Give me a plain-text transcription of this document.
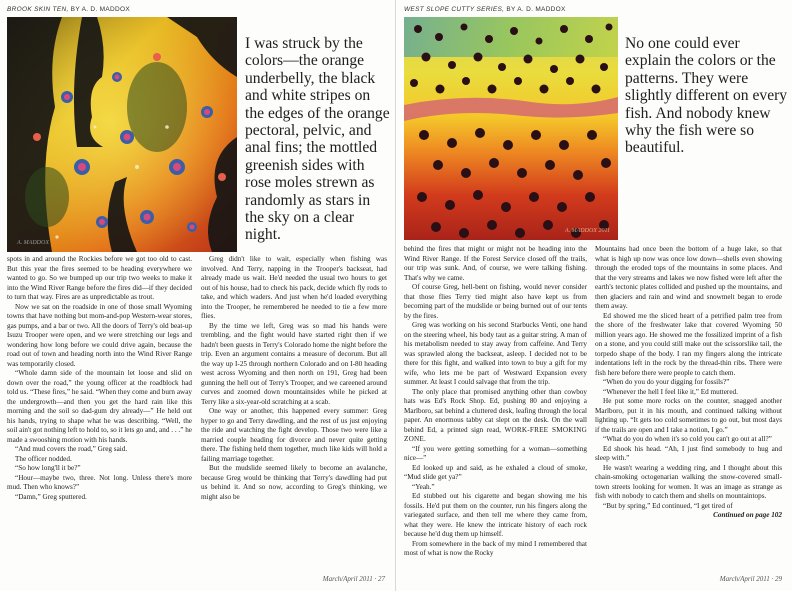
BROOK SKIN TEN, BY A. D. MADDOX
A. MADDOX
I was struck by the colors—the orange underbelly, the black and white stripes on the edges of the orange pectoral, pelvic, and anal fins; the mottled greenish sides with rose moles strewn as randomly as stars in the sky on a clear night.

spots in and around the Rockies before we got too old to cast. But this year the fires seemed to be heading everywhere we wanted to go. So we bumped up our trip two weeks to make it into the Wind River Range before the fires did—if they decided to turn that way. Fires are as unpredictable as trout.

Now we sat on the roadside in one of those small Wyoming towns that have nothing but mom-and-pop Western-wear stores, gas pumps, and a bar or two. All the doors of Terry's old beat-up Isuzu Trooper were open, and we were stretching our legs and wondering how long before we could drive again, because the road out of town and heading north into the Wind River Range was temporarily closed.

“Whole damn side of the mountain let loose and slid on down over the road,” the young officer at the roadblock had told us. “These fires,” he said. “When they come and burn away the undergrowth—and then you get the hard rain like this morning and the soil so dad-gum dry already—” He held out his hands, trying to shape what he was describing. “Well, the soil ain't got nothing left to hold to, so it lets go and, and . . .” he made a swooshing motion with his hands.

“And mud covers the road,” Greg said.

The officer nodded.

“So how long'll it be?”

“Hour—maybe two, three. Not long. Unless there's more mud. Then who knows?”

“Damn,” Greg sputtered.

Greg didn't like to wait, especially when fishing was involved. And Terry, napping in the Trooper's backseat, had already made us wait. He'd needed the usual two hours to get out of his house, had to check his pack, decide which fly rods to take, and which waders. And just when he'd loaded everything into the Trooper, he remembered he needed to tie a few more flies.

By the time we left, Greg was so mad his hands were trembling, and the fight would have started right then if we hadn't been guests in Terry's Colorado home the night before the trip. Even an argument contains a measure of decorum. But all the way up I-25 through northern Colorado and on I-80 heading west across Wyoming and then north on 191, Greg had been gunning the hell out of Terry's Trooper, and we careened around curves and zoomed down mountainsides while he picked at Terry like a six-year-old scratching at a scab.

One way or another, this happened every summer: Greg hyper to go and Terry dawdling, and the rest of us just enjoying the ride and watching the fight develop. Those two were like a married couple heading for divorce and never quite getting there. The fishing held them together, much like kids will hold a failing marriage together.

But the mudslide seemed likely to become an avalanche, because Greg would be thinking that Terry's dawdling had put us behind it. And so now, according to Greg's thinking, we might also be

March/April 2011 · 27
WEST SLOPE CUTTY SERIES, BY A. D. MADDOX
A. MADDOX 2011
No one could ever explain the colors or the patterns. They were slightly different on every fish. And nobody knew why the fish were so beautiful.

behind the fires that might or might not be heading into the Wind River Range. If the Forest Service closed off the trails, our trip was sunk. And, of course, we were talking fishing. That's why we came.

Of course Greg, hell-bent on fishing, would never consider that those flies Terry tied might also have kept us from becoming part of the mudslide or being burned out of our tents by the fires.

Greg was working on his second Starbucks Venti, one hand on the steering wheel, his body taut as a guitar string. A man of his metabolism needed to stay away from caffeine. And Terry was sprawled along the backseat, asleep. I decided not to be there for this fight, and walked into town to buy a gift for my wife, who lets me be part of Westward Expansion every summer. At least I could salvage that from the trip.

The only place that promised anything other than cowboy hats was Ed's Rock Shop. Ed, pushing 80 and enjoying a Marlboro, sat behind a cluttered desk, leafing through the local paper. An enormous tabby cat slept on the desk. On the wall behind Ed, a printed sign read, WORK-FREE SMOKING ZONE.

“If you were getting something for a woman—something nice—”

Ed looked up and said, as he exhaled a cloud of smoke, “Mud slide get ya?”

“Yeah.”

Ed stubbed out his cigarette and began showing me his fossils. He'd put them on the counter, run his fingers along the variegated surface, and then tell me where they came from, what they were. He knew the intricate history of each rock because he'd dug them up himself.

From somewhere in the back of my mind I remembered that most of what is now the Rocky

Mountains had once been the bottom of a huge lake, so that what is high up now was once low down—shells even showing through the eroded tops of the mountains in some places. And that the very streams and lakes we now fished were left after the earth's tectonic plates collided and pushed up the mountains, and then glaciers and rain and wind and snowmelt began to erode them away.

Ed showed me the sliced heart of a petrified palm tree from the shore of the freshwater lake that covered Wyoming 50 million years ago. He showed me the fossilized imprint of a fish on a stone, and you could still make out the scissorslike tail, the torpedo shape of the body. I ran my fingers along the intricate indentations left in the rock by the thread-thin ribs. There were fish here before there were people to catch them.

“When do you do your digging for fossils?”

“Whenever the hell I feel like it,” Ed muttered.

He put some more rocks on the counter, snagged another Marlboro, put it in his mouth, and continued talking without lighting up. “It gets too cold sometimes to go out, but most days if the trails are open and I take a notion, I go.”

“What do you do when it's so cold you can't go out at all?”

Ed shook his head. “Ah, I just find somebody to hug and sleep with.”

He wasn't wearing a wedding ring, and I thought about this chain-smoking octogenarian walking the snow-covered small-town streets looking for women. It was an image as strange as fish with nobody to catch them and shells on mountaintops.

“But by spring,” Ed continued, “I get tired of

Continued on page 102

March/April 2011 · 29
